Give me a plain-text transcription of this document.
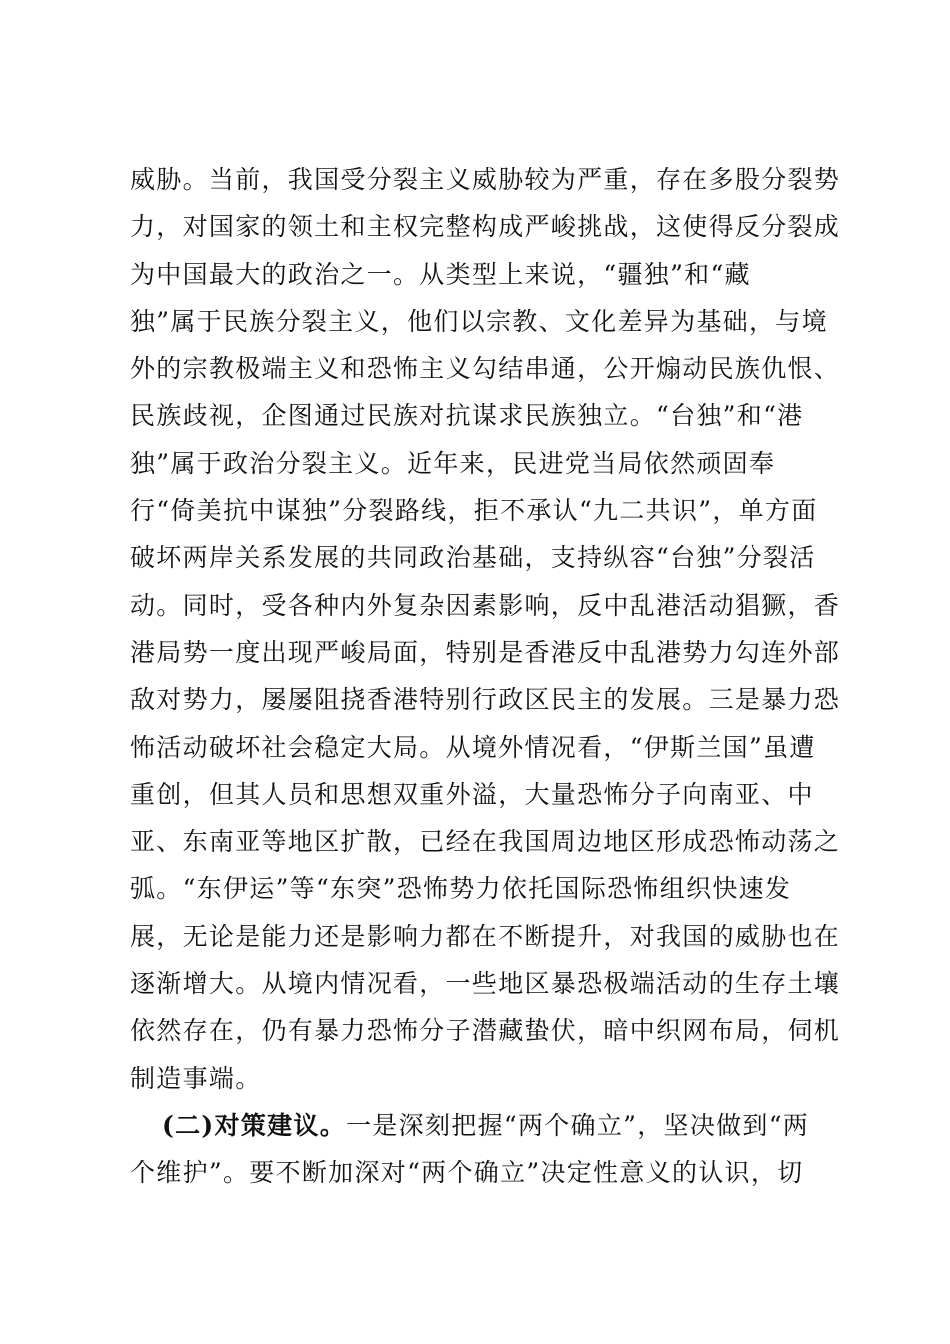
威胁。当前，我国受分裂主义威胁较为严重，存在多股分裂势
力，对国家的领土和主权完整构成严峻挑战，这使得反分裂成
为中国最大的政治之一。从类型上来说，“疆独”和“藏
独”属于民族分裂主义，他们以宗教、文化差异为基础，与境
外的宗教极端主义和恐怖主义勾结串通，公开煽动民族仇恨、
民族歧视，企图通过民族对抗谋求民族独立。“台独”和“港
独”属于政治分裂主义。近年来，民进党当局依然顽固奉
行“倚美抗中谋独”分裂路线，拒不承认“九二共识”，单方面
破坏两岸关系发展的共同政治基础，支持纵容“台独”分裂活
动。同时，受各种内外复杂因素影响，反中乱港活动猖獗，香
港局势一度出现严峻局面，特别是香港反中乱港势力勾连外部
敌对势力，屡屡阻挠香港特别行政区民主的发展。三是暴力恐
怖活动破坏社会稳定大局。从境外情况看，“伊斯兰国”虽遭
重创，但其人员和思想双重外溢，大量恐怖分子向南亚、中
亚、东南亚等地区扩散，已经在我国周边地区形成恐怖动荡之
弧。“东伊运”等“东突”恐怖势力依托国际恐怖组织快速发
展，无论是能力还是影响力都在不断提升，对我国的威胁也在
逐渐增大。从境内情况看，一些地区暴恐极端活动的生存土壤
依然存在，仍有暴力恐怖分子潜藏蛰伏，暗中织网布局，伺机
制造事端。
(二)对策建议。一是深刻把握“两个确立”，坚决做到“两
个维护”。要不断加深对“两个确立”决定性意义的认识，切
